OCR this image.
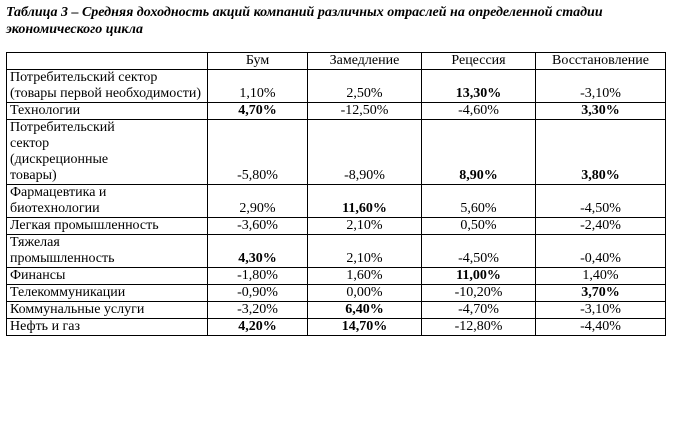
Таблица 3 – Средняя доходность акций компаний различных отраслей на определенной стадии экономического цикла
	Бум	Замедление	Рецессия	Восстановление
Потребительский сектор (товары первой необходимости)	1,10%	2,50%	13,30%	-3,10%
Технологии	4,70%	-12,50%	-4,60%	3,30%
Потребительский сектор (дискреционные товары)	-5,80%	-8,90%	8,90%	3,80%
Фармацевтика и биотехнологии	2,90%	11,60%	5,60%	-4,50%
Легкая промышленность	-3,60%	2,10%	0,50%	-2,40%
Тяжелая промышленность	4,30%	2,10%	-4,50%	-0,40%
Финансы	-1,80%	1,60%	11,00%	1,40%
Телекоммуникации	-0,90%	0,00%	-10,20%	3,70%
Коммунальные услуги	-3,20%	6,40%	-4,70%	-3,10%
Нефть и газ	4,20%	14,70%	-12,80%	-4,40%
